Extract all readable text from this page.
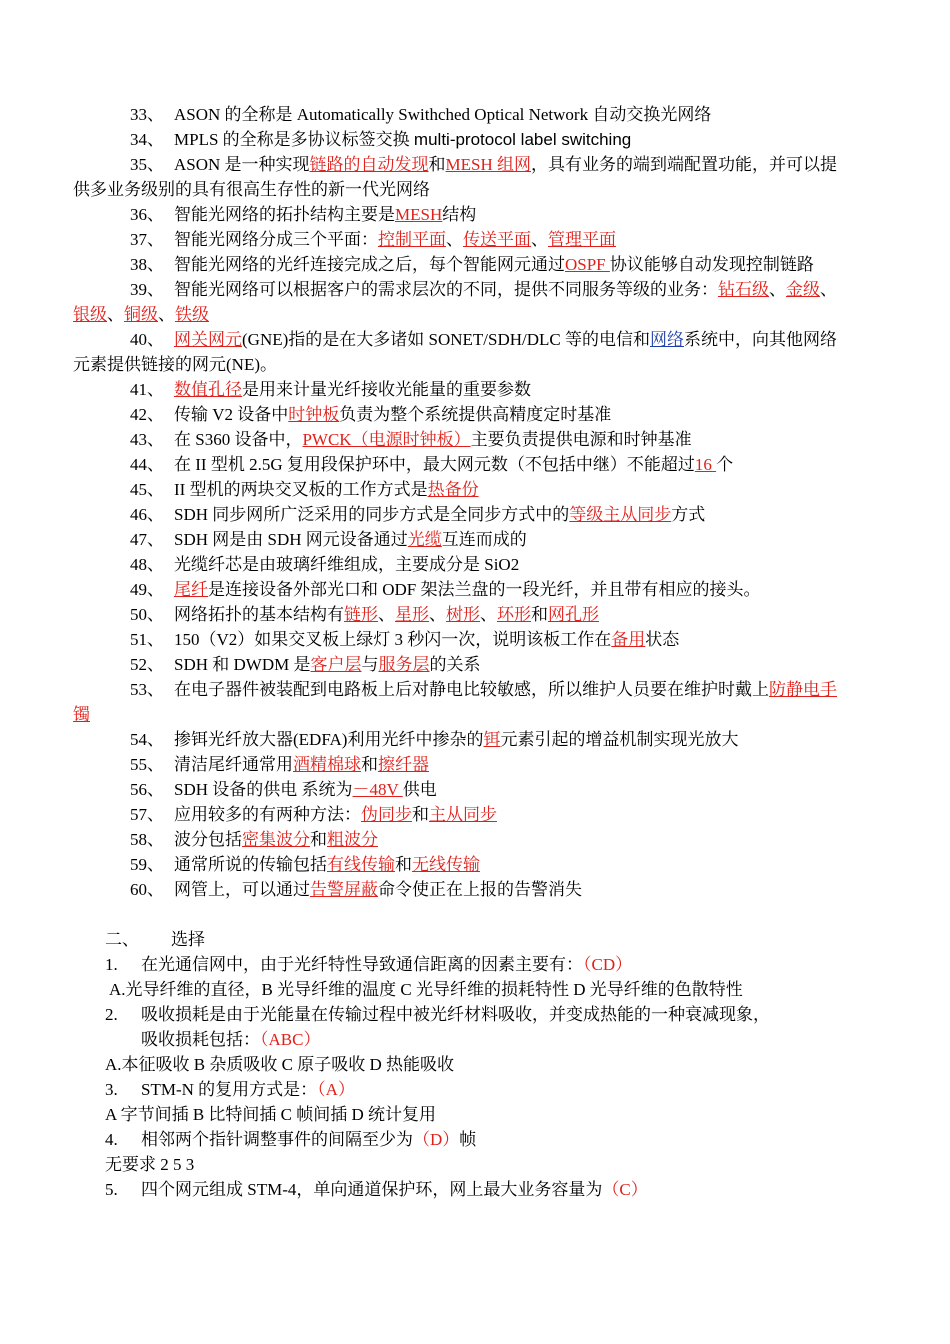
33、 ASON 的全称是 Automatically Swithched Optical Network 自动交换光网络
34、 MPLS 的全称是多协议标签交换 multi-protocol label switching
35、 ASON 是一种实现链路的自动发现和MESH 组网，具有业务的端到端配置功能，并可以提供多业务级别的具有很高生存性的新一代光网络
36、 智能光网络的拓扑结构主要是MESH结构
37、 智能光网络分成三个平面：控制平面、传送平面、管理平面
38、 智能光网络的光纤连接完成之后，每个智能网元通过OSPF 协议能够自动发现控制链路
39、 智能光网络可以根据客户的需求层次的不同，提供不同服务等级的业务：钻石级、金级、银级、铜级、铁级
40、 网关网元(GNE)指的是在大多诸如 SONET/SDH/DLC 等的电信和网络系统中，向其他网络元素提供链接的网元(NE)。
41、 数值孔径是用来计量光纤接收光能量的重要参数
42、 传输 V2 设备中时钟板负责为整个系统提供高精度定时基准
43、 在 S360 设备中，PWCK（电源时钟板）主要负责提供电源和时钟基准
44、 在 II 型机 2.5G 复用段保护环中，最大网元数（不包括中继）不能超过16 个
45、 II 型机的两块交叉板的工作方式是热备份
46、 SDH 同步网所广泛采用的同步方式是全同步方式中的等级主从同步方式
47、 SDH 网是由 SDH 网元设备通过光缆互连而成的
48、 光缆纤芯是由玻璃纤维组成，主要成分是 SiO2
49、 尾纤是连接设备外部光口和 ODF 架法兰盘的一段光纤，并且带有相应的接头。
50、 网络拓扑的基本结构有链形、星形、树形、环形和网孔形
51、 150（V2）如果交叉板上绿灯 3 秒闪一次，说明该板工作在备用状态
52、 SDH 和 DWDM 是客户层与服务层的关系
53、 在电子器件被装配到电路板上后对静电比较敏感，所以维护人员要在维护时戴上防静电手镯
54、 掺铒光纤放大器(EDFA)利用光纤中掺杂的铒元素引起的增益机制实现光放大
55、 清洁尾纤通常用酒精棉球和擦纤器
56、 SDH 设备的供电 系统为－48V 供电
57、 应用较多的有两种方法：伪同步和主从同步
58、 波分包括密集波分和粗波分
59、 通常所说的传输包括有线传输和无线传输
60、 网管上，可以通过告警屏蔽命令使正在上报的告警消失
二、 选择
1. 在光通信网中，由于光纤特性导致通信距离的因素主要有：（CD）
A.光导纤维的直径，B 光导纤维的温度 C 光导纤维的损耗特性 D 光导纤维的色散特性
2. 吸收损耗是由于光能量在传输过程中被光纤材料吸收，并变成热能的一种衰减现象，
吸收损耗包括：（ABC）
A.本征吸收 B 杂质吸收 C 原子吸收 D 热能吸收
3. STM-N 的复用方式是：（A）
A 字节间插 B 比特间插 C 帧间插 D 统计复用
4. 相邻两个指针调整事件的间隔至少为（D）帧
无要求 2 5 3
5. 四个网元组成 STM-4，单向通道保护环，网上最大业务容量为（C）
